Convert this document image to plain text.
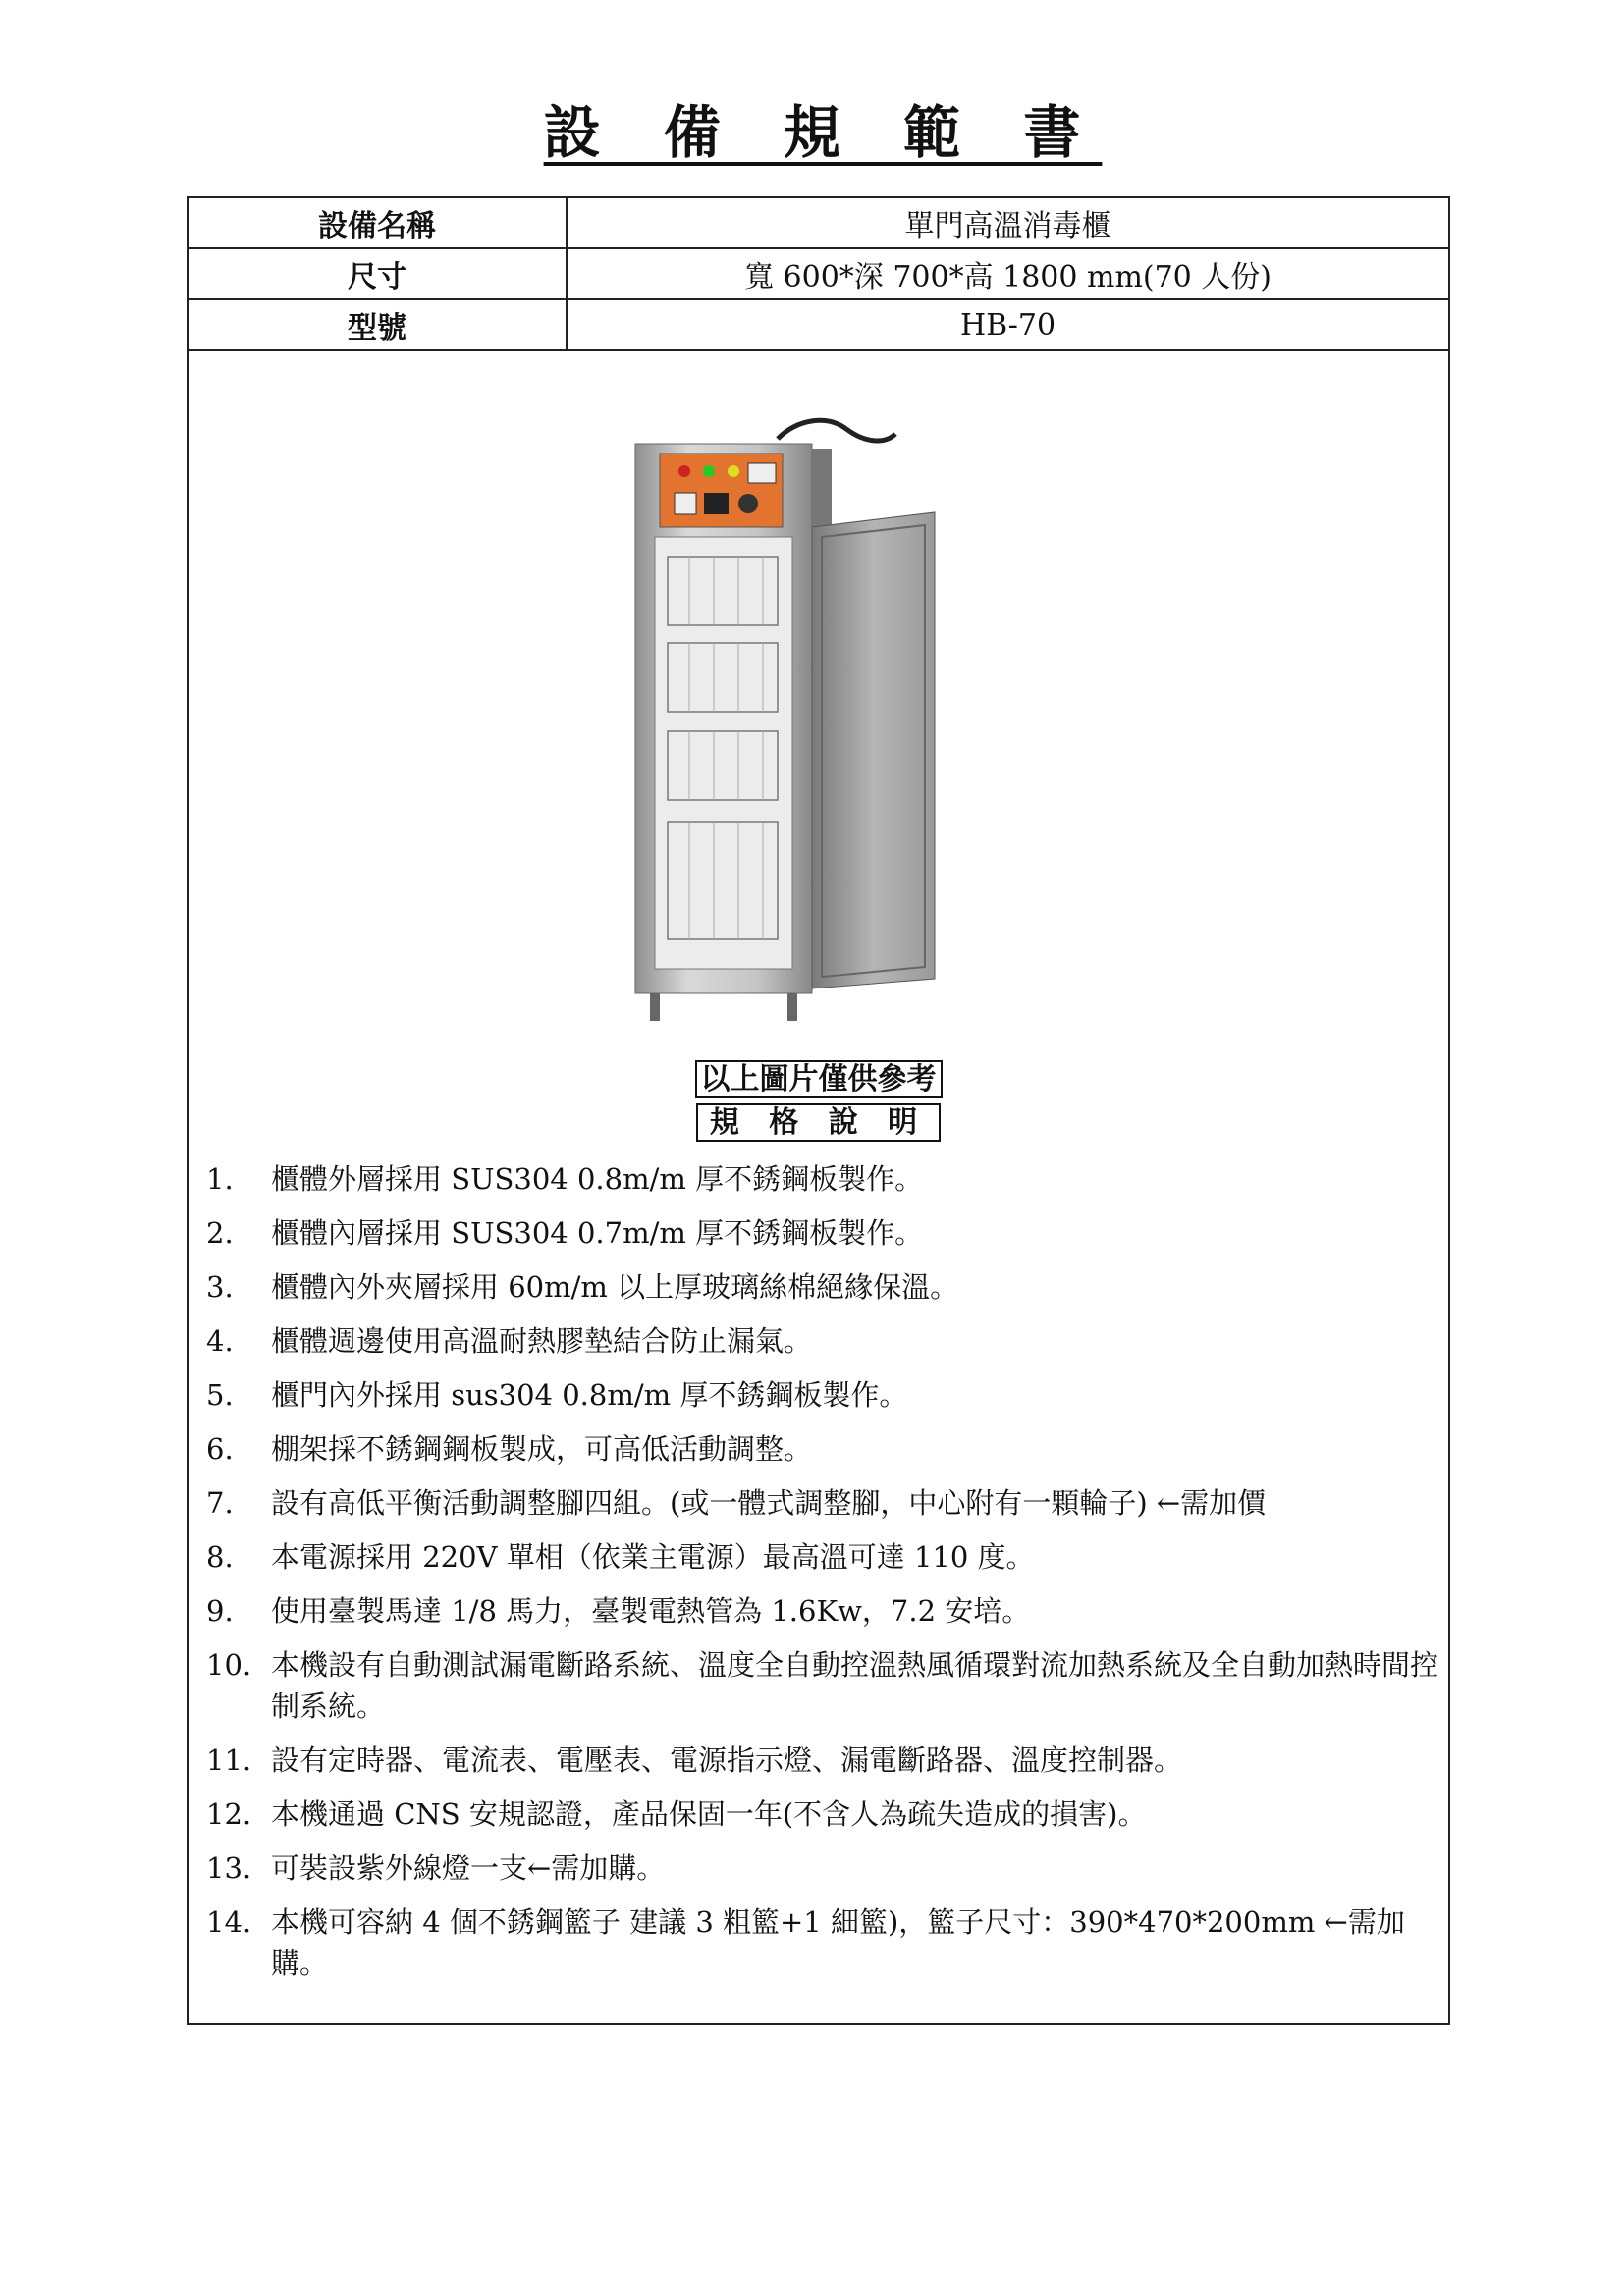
設 備 規 範 書
設備名稱	單門高溫消毒櫃
尺寸	寬 600*深 700*高 1800 mm(70 人份)
型號	HB-70
以上圖片僅供參考
規 格 說 明
1.	櫃體外層採用 SUS304 0.8m/m 厚不銹鋼板製作。
2.	櫃體內層採用 SUS304 0.7m/m 厚不銹鋼板製作。
3.	櫃體內外夾層採用 60m/m 以上厚玻璃絲棉絕緣保溫。
4.	櫃體週邊使用高溫耐熱膠墊結合防止漏氣。
5.	櫃門內外採用 sus304 0.8m/m 厚不銹鋼板製作。
6.	棚架採不銹鋼鋼板製成，可高低活動調整。
7.	設有高低平衡活動調整腳四組。(或一體式調整腳，中心附有一顆輪子) ←需加價
8.	本電源採用 220V 單相（依業主電源）最高溫可達 110 度。
9.	使用臺製馬達 1/8 馬力，臺製電熱管為 1.6Kw，7.2 安培。
10. 本機設有自動測試漏電斷路系統、溫度全自動控溫熱風循環對流加熱系統及全自動加熱時間控制系統。
11. 設有定時器、電流表、電壓表、電源指示燈、漏電斷路器、溫度控制器。
12. 本機通過 CNS 安規認證，產品保固一年(不含人為疏失造成的損害)。
13. 可裝設紫外線燈一支←需加購。
14. 本機可容納 4 個不銹鋼籃子 建議 3 粗籃+1 細籃)，籃子尺寸：390*470*200mm ←需加購。
